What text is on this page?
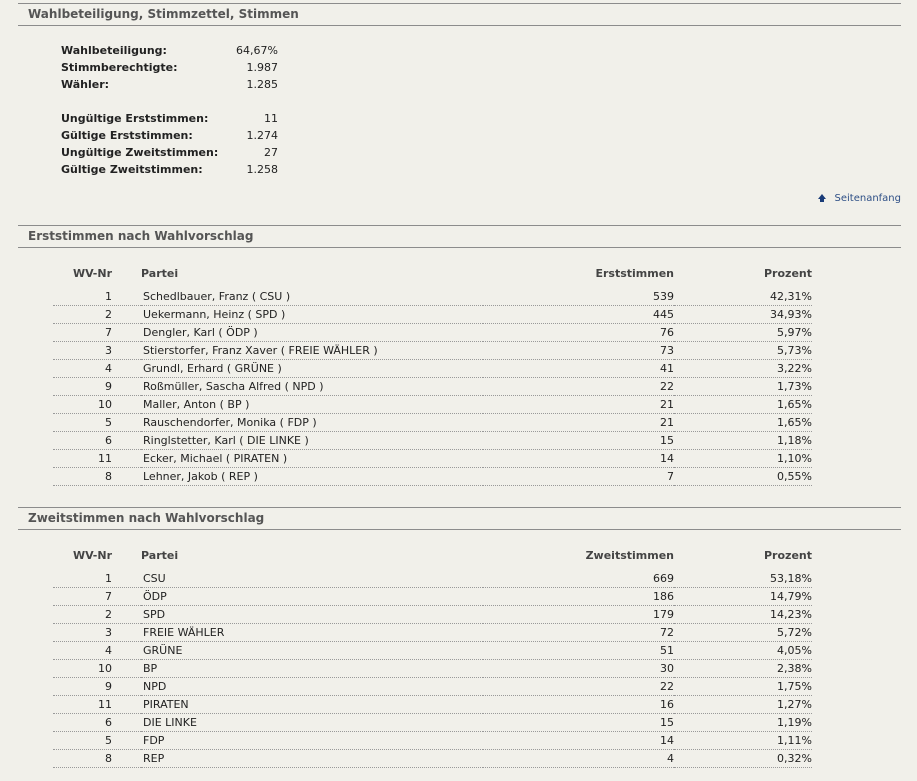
Wahlbeteiligung, Stimmzettel, Stimmen
Wahlbeteiligung:	64,67%
Stimmberechtigte:	1.987
Wähler:	1.285
Ungültige Erststimmen:	11
Gültige Erststimmen:	1.274
Ungültige Zweitstimmen:	27
Gültige Zweitstimmen:	1.258
Seitenanfang
Erststimmen nach Wahlvorschlag
WV-Nr	Partei	Erststimmen	Prozent
1	Schedlbauer, Franz ( CSU )	539	42,31%
2	Uekermann, Heinz ( SPD )	445	34,93%
7	Dengler, Karl ( ÖDP )	76	5,97%
3	Stierstorfer, Franz Xaver ( FREIE WÄHLER )	73	5,73%
4	Grundl, Erhard ( GRÜNE )	41	3,22%
9	Roßmüller, Sascha Alfred ( NPD )	22	1,73%
10	Maller, Anton ( BP )	21	1,65%
5	Rauschendorfer, Monika ( FDP )	21	1,65%
6	Ringlstetter, Karl ( DIE LINKE )	15	1,18%
11	Ecker, Michael ( PIRATEN )	14	1,10%
8	Lehner, Jakob ( REP )	7	0,55%
Zweitstimmen nach Wahlvorschlag
WV-Nr	Partei	Zweitstimmen	Prozent
1	CSU	669	53,18%
7	ÖDP	186	14,79%
2	SPD	179	14,23%
3	FREIE WÄHLER	72	5,72%
4	GRÜNE	51	4,05%
10	BP	30	2,38%
9	NPD	22	1,75%
11	PIRATEN	16	1,27%
6	DIE LINKE	15	1,19%
5	FDP	14	1,11%
8	REP	4	0,32%
